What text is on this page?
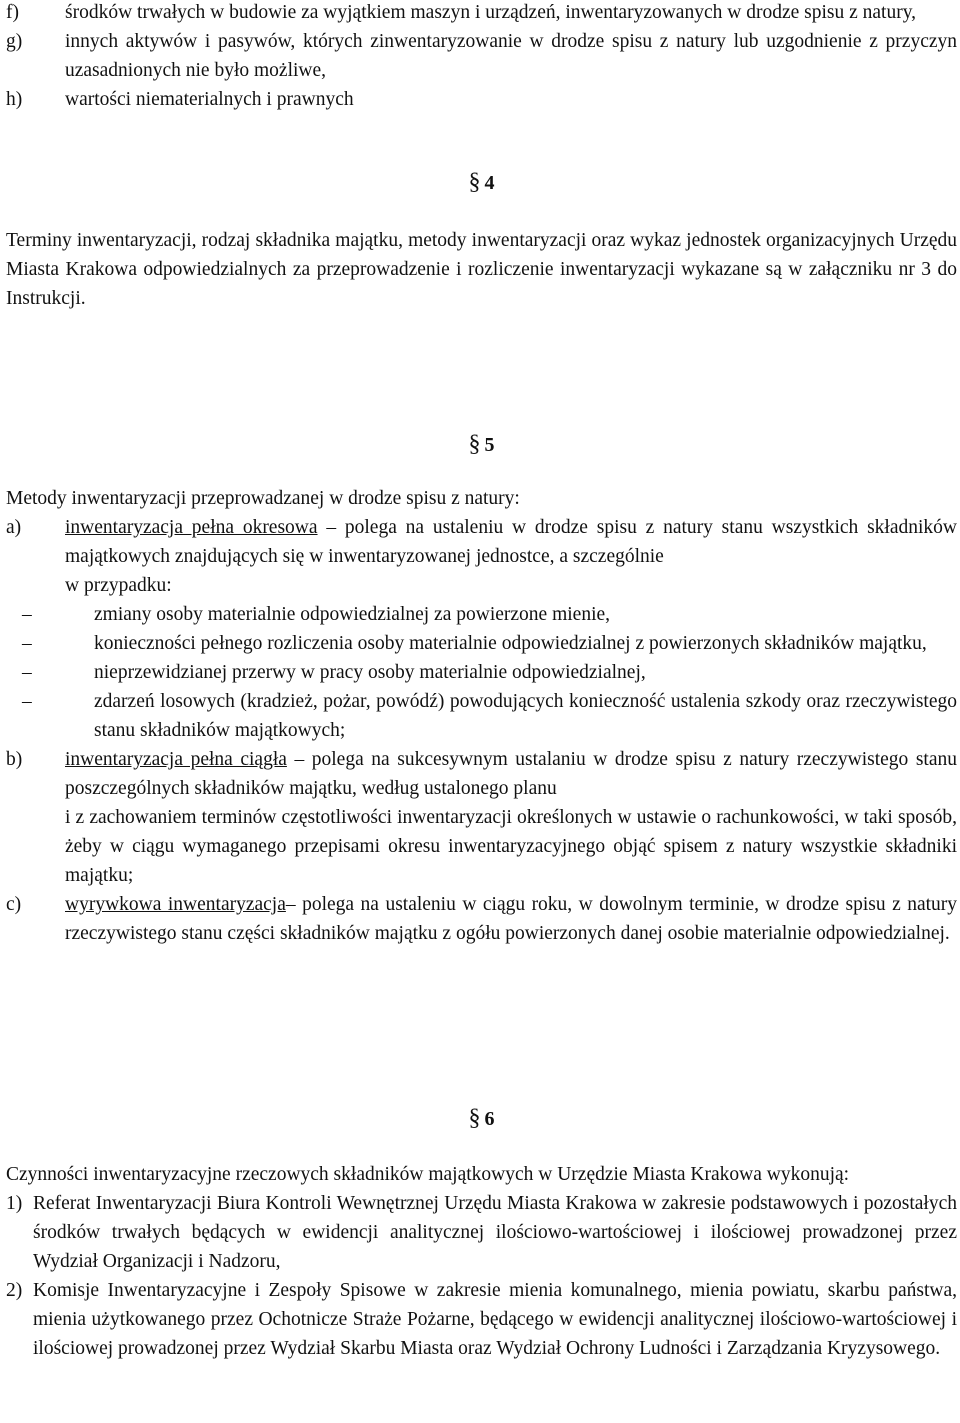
f) środków trwałych w budowie za wyjątkiem maszyn i urządzeń, inwentaryzowanych w drodze spisu z natury,
g) innych aktywów i pasywów, których zinwentaryzowanie w drodze spisu z natury lub uzgodnienie z przyczyn uzasadnionych nie było możliwe,
h) wartości niematerialnych i prawnych
§ 4
Terminy inwentaryzacji, rodzaj składnika majątku, metody inwentaryzacji oraz wykaz jednostek organizacyjnych Urzędu Miasta Krakowa odpowiedzialnych za przeprowadzenie i rozliczenie inwentaryzacji wykazane są w załączniku nr 3 do Instrukcji.
§ 5
Metody inwentaryzacji przeprowadzanej w drodze spisu z natury:
a) inwentaryzacja pełna okresowa – polega na ustaleniu w drodze spisu z natury stanu wszystkich składników majątkowych znajdujących się w inwentaryzowanej jednostce, a szczególnie
w przypadku:
–	zmiany osoby materialnie odpowiedzialnej za powierzone mienie,
–	konieczności pełnego rozliczenia osoby materialnie odpowiedzialnej z powierzonych składników majątku,
–	nieprzewidzianej przerwy w pracy osoby materialnie odpowiedzialnej,
–	zdarzeń losowych (kradzież, pożar, powódź) powodujących konieczność ustalenia szkody oraz rzeczywistego stanu składników majątkowych;
b) inwentaryzacja pełna ciągła – polega na sukcesywnym ustalaniu w drodze spisu z natury rzeczywistego stanu poszczególnych składników majątku, według ustalonego planu
i z zachowaniem terminów częstotliwości inwentaryzacji określonych w ustawie o rachunkowości, w taki sposób, żeby w ciągu wymaganego przepisami okresu inwentaryzacyjnego objąć spisem z natury wszystkie składniki majątku;
c) wyrywkowa inwentaryzacja– polega na ustaleniu w ciągu roku, w dowolnym terminie, w drodze spisu z natury rzeczywistego stanu części składników majątku z ogółu powierzonych danej osobie materialnie odpowiedzialnej.
§ 6
Czynności inwentaryzacyjne rzeczowych składników majątkowych w Urzędzie Miasta Krakowa wykonują:
1) Referat Inwentaryzacji Biura Kontroli Wewnętrznej Urzędu Miasta Krakowa w zakresie podstawowych i pozostałych środków trwałych będących w ewidencji analitycznej ilościowo-wartościowej i ilościowej prowadzonej przez Wydział Organizacji i Nadzoru,
2) Komisje Inwentaryzacyjne i Zespoły Spisowe w zakresie mienia komunalnego, mienia powiatu, skarbu państwa, mienia użytkowanego przez Ochotnicze Straże Pożarne, będącego w ewidencji analitycznej ilościowo-wartościowej i ilościowej prowadzonej przez Wydział Skarbu Miasta oraz Wydział Ochrony Ludności i Zarządzania Kryzysowego.
